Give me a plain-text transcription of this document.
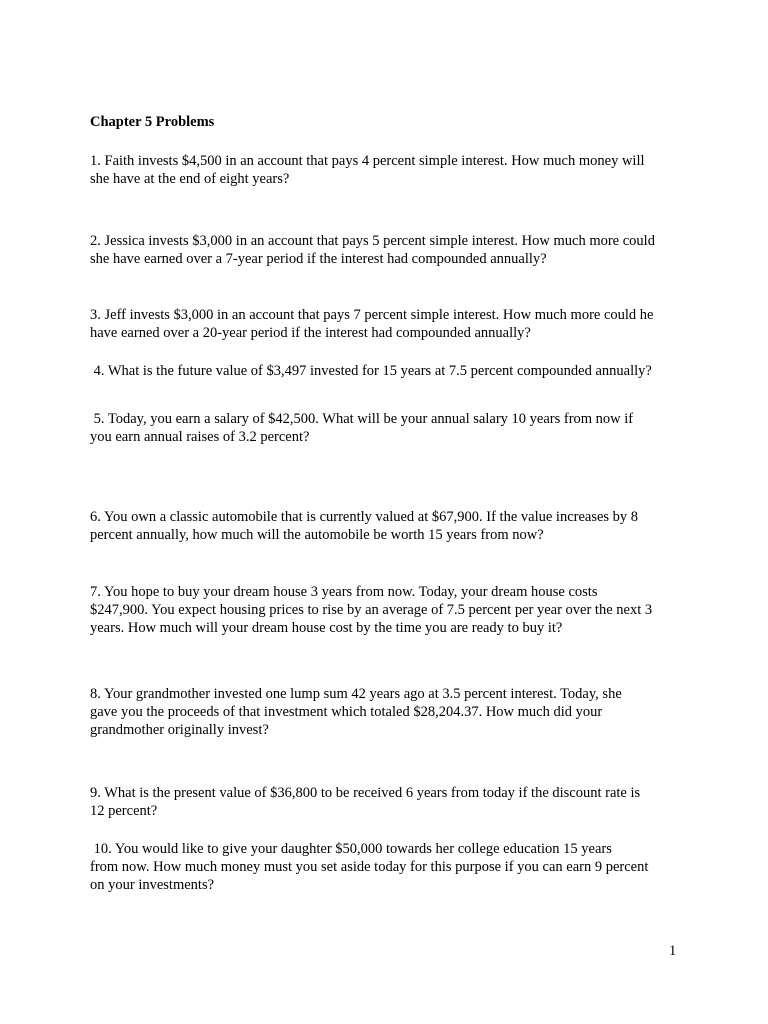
Chapter 5 Problems
1. Faith invests $4,500 in an account that pays 4 percent simple interest. How much money will
she have at the end of eight years?
2. Jessica invests $3,000 in an account that pays 5 percent simple interest. How much more could
she have earned over a 7-year period if the interest had compounded annually?
3. Jeff invests $3,000 in an account that pays 7 percent simple interest. How much more could he
have earned over a 20-year period if the interest had compounded annually?
4. What is the future value of $3,497 invested for 15 years at 7.5 percent compounded annually?
5. Today, you earn a salary of $42,500. What will be your annual salary 10 years from now if
you earn annual raises of 3.2 percent?
6. You own a classic automobile that is currently valued at $67,900. If the value increases by 8
percent annually, how much will the automobile be worth 15 years from now?
7. You hope to buy your dream house 3 years from now. Today, your dream house costs
$247,900. You expect housing prices to rise by an average of 7.5 percent per year over the next 3
years. How much will your dream house cost by the time you are ready to buy it?
8. Your grandmother invested one lump sum 42 years ago at 3.5 percent interest. Today, she
gave you the proceeds of that investment which totaled $28,204.37. How much did your
grandmother originally invest?
9. What is the present value of $36,800 to be received 6 years from today if the discount rate is
12 percent?
10. You would like to give your daughter $50,000 towards her college education 15 years
from now. How much money must you set aside today for this purpose if you can earn 9 percent
on your investments?
1
